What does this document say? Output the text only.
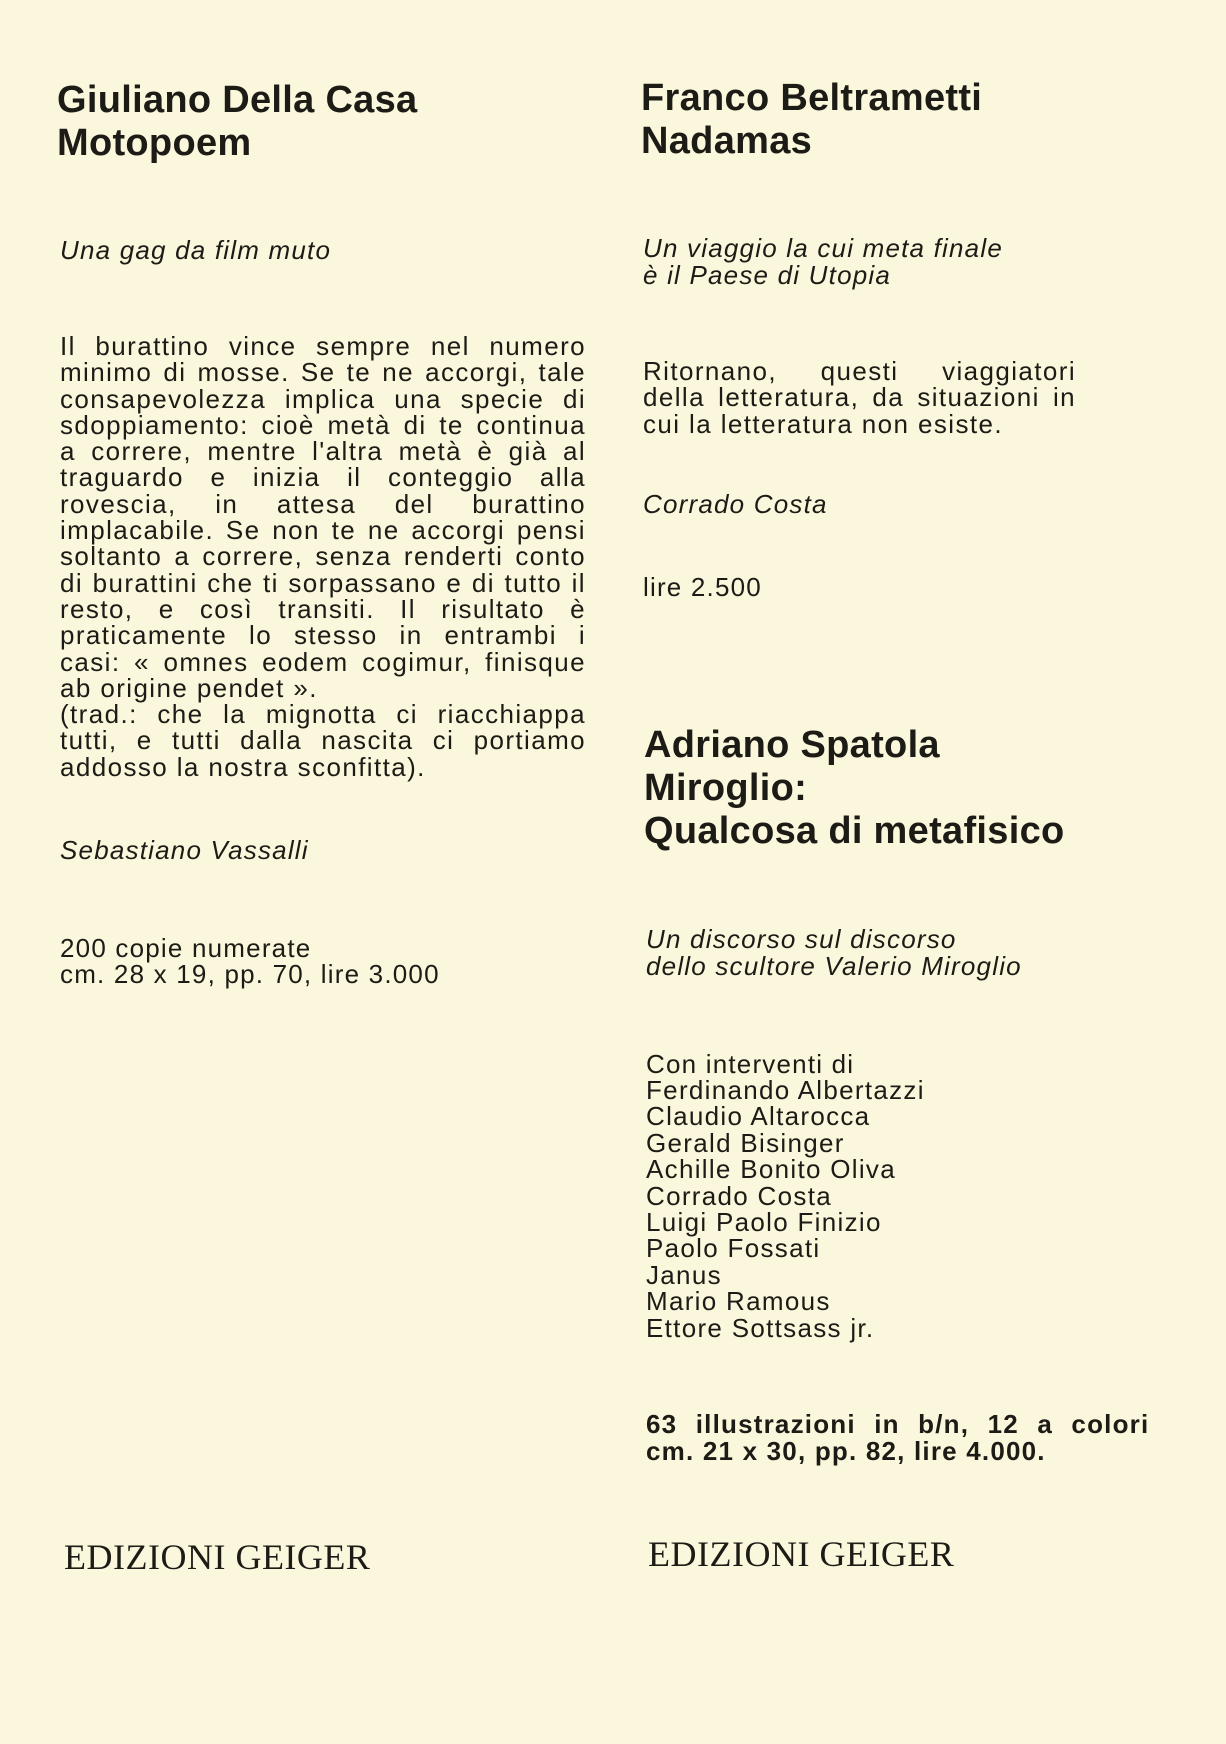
Giuliano Della Casa
Motopoem

Una gag da film muto

Il burattino vince sempre nel numero minimo di mosse. Se te ne accorgi, tale consapevolezza implica una specie di sdoppiamento: cioè metà di te continua a correre, mentre l'altra metà è già al traguardo e inizia il conteggio alla rovescia, in attesa del burattino implacabile. Se non te ne accorgi pensi soltanto a correre, senza renderti conto di burattini che ti sorpassano e di tutto il resto, e così transiti. Il risultato è praticamente lo stesso in entrambi i casi: « omnes eodem cogimur, finisque ab origine pendet ».
(trad.: che la mignotta ci riacchiappa tutti, e tutti dalla nascita ci portiamo addosso la nostra sconfitta).

Sebastiano Vassalli

200 copie numerate

cm. 28 x 19, pp. 70, lire 3.000

EDIZIONI GEIGER

Franco Beltrametti
Nadamas

Un viaggio la cui meta finale

è il Paese di Utopia

Ritornano, questi viaggiatori della letteratura, da situazioni in cui la letteratura non esiste.

Corrado Costa

lire 2.500

Adriano Spatola
Miroglio:
Qualcosa di metafisico

Un discorso sul discorso

dello scultore Valerio Miroglio

Con interventi di

Ferdinando Albertazzi
Claudio Altarocca
Gerald Bisinger
Achille Bonito Oliva
Corrado Costa
Luigi Paolo Finizio
Paolo Fossati
Janus
Mario Ramous
Ettore Sottsass jr.

63 illustrazioni in b/n, 12 a colori

cm. 21 x 30, pp. 82, lire 4.000.

EDIZIONI GEIGER
